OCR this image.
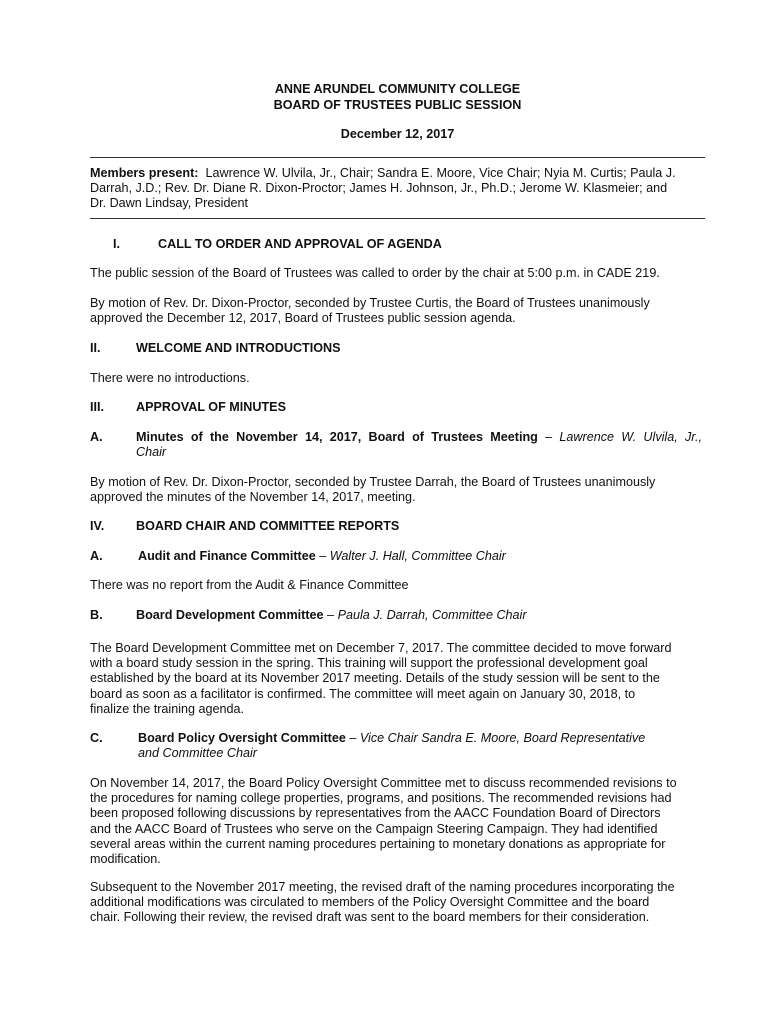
ANNE ARUNDEL COMMUNITY COLLEGE
BOARD OF TRUSTEES PUBLIC SESSION
December 12, 2017
Members present: Lawrence W. Ulvila, Jr., Chair; Sandra E. Moore, Vice Chair; Nyia M. Curtis; Paula J.
Darrah, J.D.; Rev. Dr. Diane R. Dixon-Proctor; James H. Johnson, Jr., Ph.D.; Jerome W. Klasmeier; and
Dr. Dawn Lindsay, President
I.	CALL TO ORDER AND APPROVAL OF AGENDA
The public session of the Board of Trustees was called to order by the chair at 5:00 p.m. in CADE 219.
By motion of Rev. Dr. Dixon-Proctor, seconded by Trustee Curtis, the Board of Trustees unanimously
approved the December 12, 2017, Board of Trustees public session agenda.
II.	WELCOME AND INTRODUCTIONS
There were no introductions.
III.	APPROVAL OF MINUTES
A.	Minutes of the November 14, 2017, Board of Trustees Meeting – Lawrence W. Ulvila, Jr.,
Chair
By motion of Rev. Dr. Dixon-Proctor, seconded by Trustee Darrah, the Board of Trustees unanimously
approved the minutes of the November 14, 2017, meeting.
IV.	BOARD CHAIR AND COMMITTEE REPORTS
A.	Audit and Finance Committee – Walter J. Hall, Committee Chair
There was no report from the Audit & Finance Committee
B.	Board Development Committee – Paula J. Darrah, Committee Chair
The Board Development Committee met on December 7, 2017. The committee decided to move forward
with a board study session in the spring. This training will support the professional development goal
established by the board at its November 2017 meeting. Details of the study session will be sent to the
board as soon as a facilitator is confirmed. The committee will meet again on January 30, 2018, to
finalize the training agenda.
C.	Board Policy Oversight Committee – Vice Chair Sandra E. Moore, Board Representative
and Committee Chair
On November 14, 2017, the Board Policy Oversight Committee met to discuss recommended revisions to
the procedures for naming college properties, programs, and positions. The recommended revisions had
been proposed following discussions by representatives from the AACC Foundation Board of Directors
and the AACC Board of Trustees who serve on the Campaign Steering Campaign. They had identified
several areas within the current naming procedures pertaining to monetary donations as appropriate for
modification.
Subsequent to the November 2017 meeting, the revised draft of the naming procedures incorporating the
additional modifications was circulated to members of the Policy Oversight Committee and the board
chair. Following their review, the revised draft was sent to the board members for their consideration.
